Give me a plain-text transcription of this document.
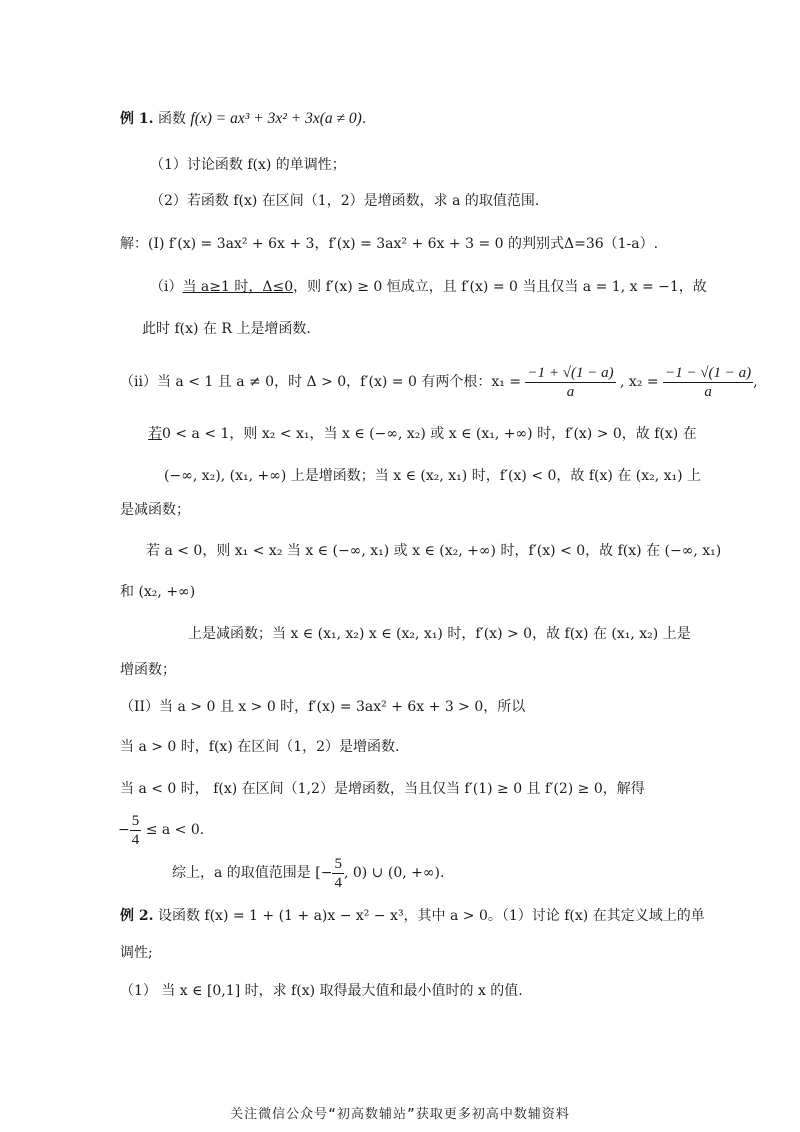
例 1. 函数 f(x) = ax³ + 3x² + 3x(a ≠ 0).
（1）讨论函数 f(x) 的单调性；
（2）若函数 f(x) 在区间（1，2）是增函数，求 a 的取值范围.
解：(I) f′(x) = 3ax² + 6x + 3，f′(x) = 3ax² + 6x + 3 = 0 的判别式Δ=36（1-a）.
（i）当 a≥1 时，Δ≤0，则 f′(x) ≥ 0 恒成立，且 f′(x) = 0 当且仅当 a = 1, x = −1，故
此时 f(x) 在 R 上是增函数.
（ii）当 a < 1 且 a ≠ 0，时 Δ > 0，f′(x) = 0 有两个根：$x_1 = \frac{-1 + √(1 - a)}{a}$ , $x_2 = \frac{-1 - √(1 - a)}{a}$ ,
若0 < a < 1，则 x₂ < x₁，当 x ∈ (−∞, x₂) 或 x ∈ (x₁, +∞) 时，f′(x) > 0，故 f(x) 在
(−∞, x₂), (x₁, +∞) 上是增函数；当 x ∈ (x₂, x₁) 时，f′(x) < 0，故 f(x) 在 (x₂, x₁) 上
是减函数；
若 a < 0，则 x₁ < x₂ 当 x ∈ (−∞, x₁) 或 x ∈ (x₂, +∞) 时，f′(x) < 0，故 f(x) 在 (−∞, x₁)
和 (x₂, +∞)
上是减函数；当 x ∈ (x₁, x₂) x ∈ (x₂, x₁) 时，f′(x) > 0，故 f(x) 在 (x₁, x₂) 上是
增函数；
（II）当 a > 0 且 x > 0 时，f′(x) = 3ax² + 6x + 3 > 0，所以
当 a > 0 时，f(x) 在区间（1，2）是增函数.
当 a < 0 时， f(x) 在区间（1,2）是增函数，当且仅当 f′(1) ≥ 0 且 f′(2) ≥ 0，解得
− $\frac{5}{4} \le a < 0$.
综上，a 的取值范围是 [− $\frac{5}{4}$ , 0) ∪ (0, +∞).
例 2. 设函数 f(x) = 1 + (1 + a)x − x² − x³，其中 a > 0。（1）讨论 f(x) 在其定义域上的单
调性;
（1） 当 x ∈ [0,1] 时，求 f(x) 取得最大值和最小值时的 x 的值.
关注微信公众号“初高数辅站”获取更多初高中数辅资料
